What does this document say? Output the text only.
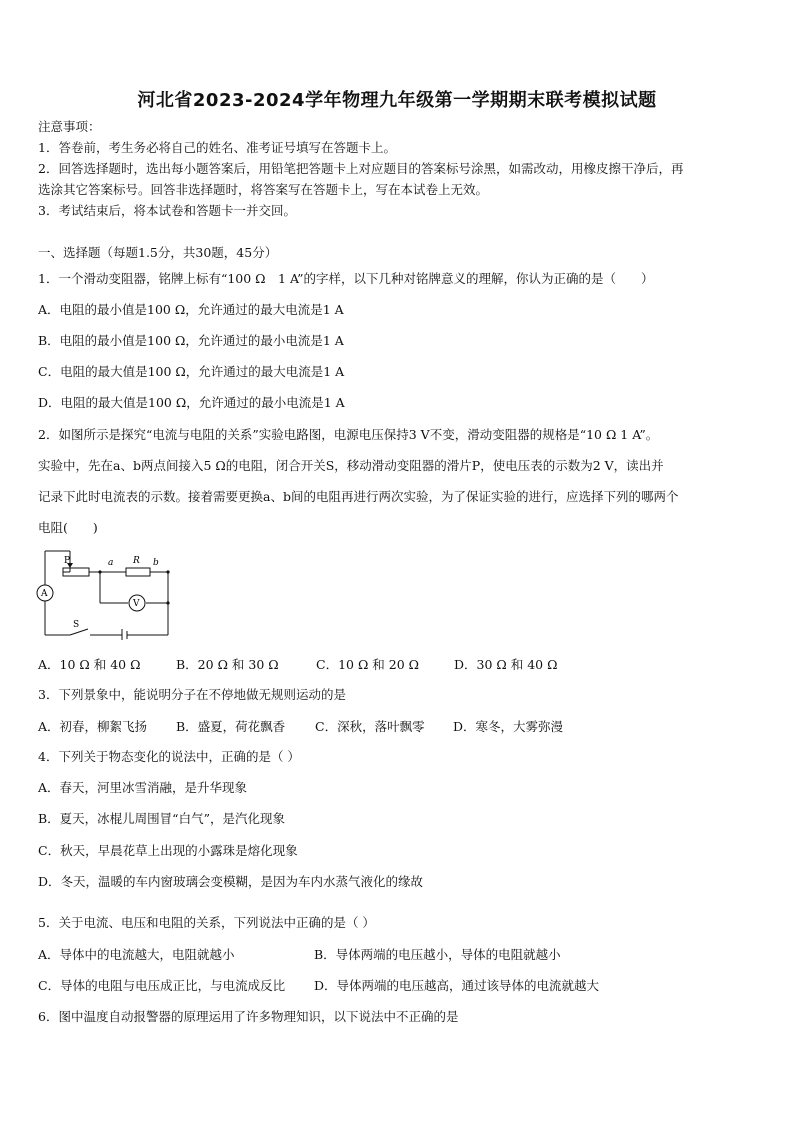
河北省2023-2024学年物理九年级第一学期期末联考模拟试题
注意事项：
1．答卷前，考生务必将自己的姓名、准考证号填写在答题卡上。
2．回答选择题时，选出每小题答案后，用铅笔把答题卡上对应题目的答案标号涂黑，如需改动，用橡皮擦干净后，再
选涂其它答案标号。回答非选择题时，将答案写在答题卡上，写在本试卷上无效。
3．考试结束后，将本试卷和答题卡一并交回。
一、选择题（每题1.5分，共30题，45分）
1．一个滑动变阻器，铭牌上标有“100 Ω　1 A”的字样，以下几种对铭牌意义的理解，你认为正确的是（　　）
A．电阻的最小值是100 Ω，允许通过的最大电流是1 A
B．电阻的最小值是100 Ω，允许通过的最小电流是1 A
C．电阻的最大值是100 Ω，允许通过的最大电流是1 A
D．电阻的最大值是100 Ω，允许通过的最小电流是1 A
2．如图所示是探究“电流与电阻的关系”实验电路图，电源电压保持3 V不变，滑动变阻器的规格是“10 Ω 1 A”。
实验中，先在a、b两点间接入5 Ω的电阻，闭合开关S，移动滑动变阻器的滑片P，使电压表的示数为2 V，读出并
记录下此时电流表的示数。接着需要更换a、b间的电阻再进行两次实验，为了保证实验的进行，应选择下列的哪两个
电阻(　　)
P	a R b
A
V
S
A．10 Ω 和 40 Ω	B．20 Ω 和 30 Ω	C．10 Ω 和 20 Ω	D．30 Ω 和 40 Ω
3．下列景象中，能说明分子在不停地做无规则运动的是
A．初春，柳絮飞扬 B．盛夏，荷花飘香 C．深秋，落叶飘零 D．寒冬，大雾弥漫
4．下列关于物态变化的说法中，正确的是（ ）
A．春天，河里冰雪消融，是升华现象
B．夏天，冰棍儿周围冒“白气”，是汽化现象
C．秋天，早晨花草上出现的小露珠是熔化现象
D．冬天，温暖的车内窗玻璃会变模糊，是因为车内水蒸气液化的缘故
5．关于电流、电压和电阻的关系，下列说法中正确的是（ ）
A．导体中的电流越大，电阻就越小	B．导体两端的电压越小，导体的电阻就越小
C．导体的电阻与电压成正比，与电流成反比 D．导体两端的电压越高，通过该导体的电流就越大
6．图中温度自动报警器的原理运用了许多物理知识，以下说法中不正确的是
